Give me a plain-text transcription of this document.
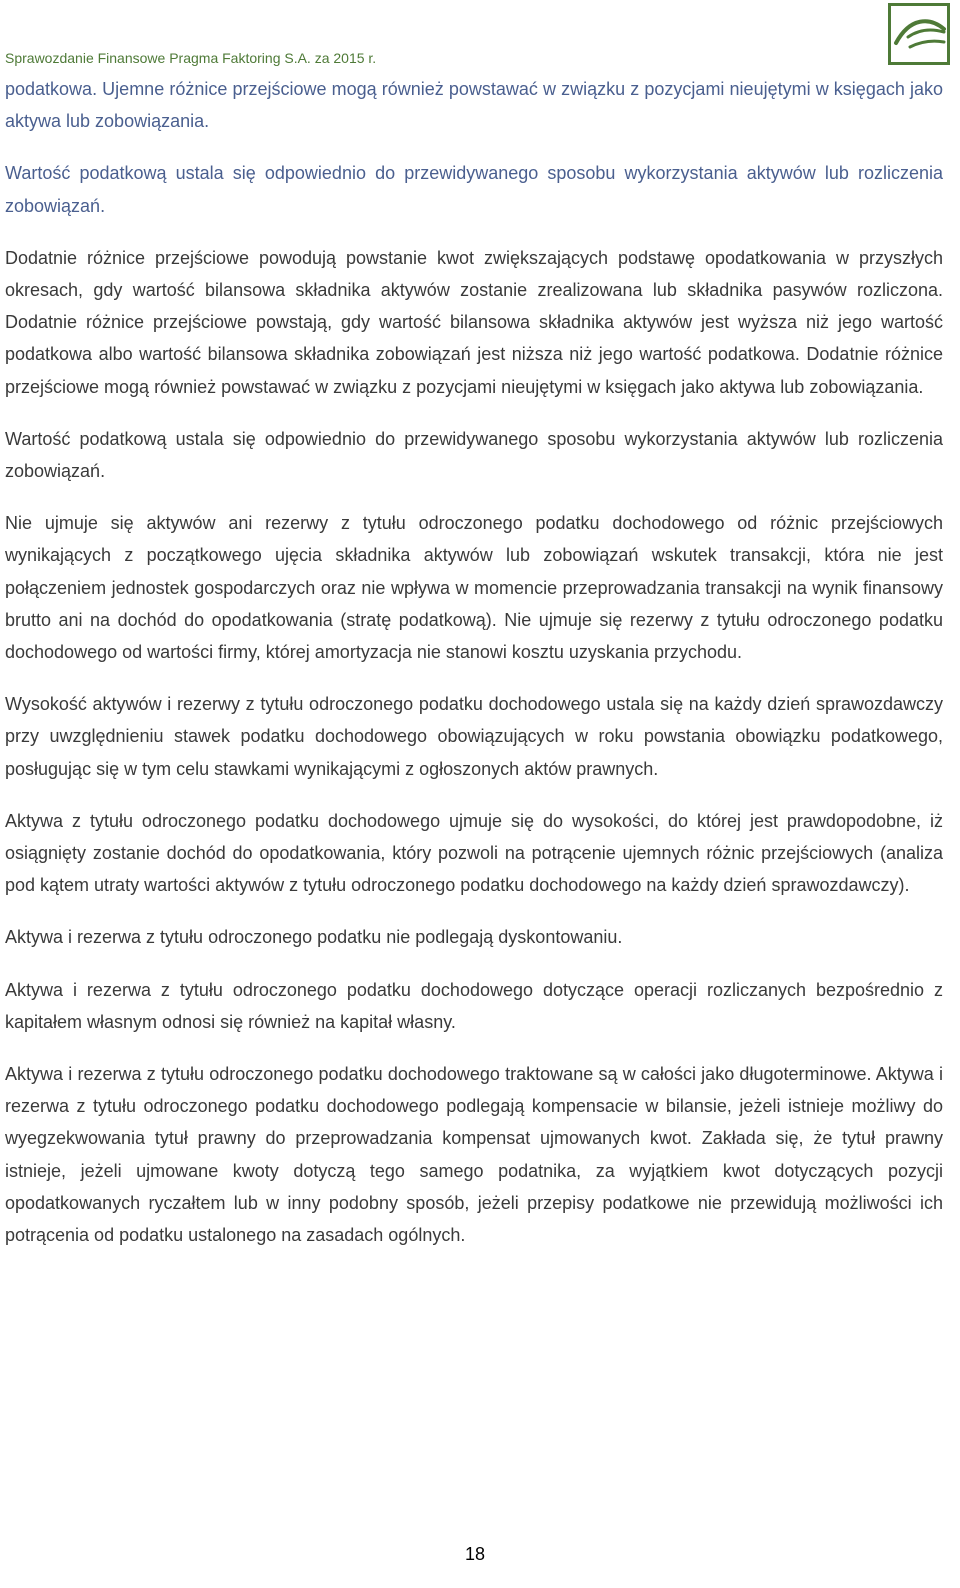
Sprawozdanie Finansowe Pragma Faktoring S.A. za 2015 r.

podatkowa. Ujemne różnice przejściowe mogą również powstawać w związku z pozycjami nieujętymi w księgach jako aktywa lub zobowiązania.

Wartość podatkową ustala się odpowiednio do przewidywanego sposobu wykorzystania aktywów lub rozliczenia zobowiązań.

Dodatnie różnice przejściowe powodują powstanie kwot zwiększających podstawę opodatkowania w przyszłych okresach, gdy wartość bilansowa składnika aktywów zostanie zrealizowana lub składnika pasywów rozliczona. Dodatnie różnice przejściowe powstają, gdy wartość bilansowa składnika aktywów jest wyższa niż jego wartość podatkowa albo wartość bilansowa składnika zobowiązań jest niższa niż jego wartość podatkowa. Dodatnie różnice przejściowe mogą również powstawać w związku z pozycjami nieujętymi w księgach jako aktywa lub zobowiązania.

Wartość podatkową ustala się odpowiednio do przewidywanego sposobu wykorzystania aktywów lub rozliczenia zobowiązań.

Nie ujmuje się aktywów ani rezerwy z tytułu odroczonego podatku dochodowego od różnic przejściowych wynikających z początkowego ujęcia składnika aktywów lub zobowiązań wskutek transakcji, która nie jest połączeniem jednostek gospodarczych oraz nie wpływa w momencie przeprowadzania transakcji na wynik finansowy brutto ani na dochód do opodatkowania (stratę podatkową). Nie ujmuje się rezerwy z tytułu odroczonego podatku dochodowego od wartości firmy, której amortyzacja nie stanowi kosztu uzyskania przychodu.

Wysokość aktywów i rezerwy z tytułu odroczonego podatku dochodowego ustala się na każdy dzień sprawozdawczy przy uwzględnieniu stawek podatku dochodowego obowiązujących w roku powstania obowiązku podatkowego, posługując się w tym celu stawkami wynikającymi z ogłoszonych aktów prawnych.

Aktywa z tytułu odroczonego podatku dochodowego ujmuje się do wysokości, do której jest prawdopodobne, iż osiągnięty zostanie dochód do opodatkowania, który pozwoli na potrącenie ujemnych różnic przejściowych (analiza pod kątem utraty wartości aktywów z tytułu odroczonego podatku dochodowego na każdy dzień sprawozdawczy).

Aktywa i rezerwa z tytułu odroczonego podatku nie podlegają dyskontowaniu.

Aktywa i rezerwa z tytułu odroczonego podatku dochodowego dotyczące operacji rozliczanych bezpośrednio z kapitałem własnym odnosi się również na kapitał własny.

Aktywa i rezerwa z tytułu odroczonego podatku dochodowego traktowane są w całości jako długoterminowe. Aktywa i rezerwa z tytułu odroczonego podatku dochodowego podlegają kompensacie w bilansie, jeżeli istnieje możliwy do wyegzekwowania tytuł prawny do przeprowadzania kompensat ujmowanych kwot. Zakłada się, że tytuł prawny istnieje, jeżeli ujmowane kwoty dotyczą tego samego podatnika, za wyjątkiem kwot dotyczących pozycji opodatkowanych ryczałtem lub w inny podobny sposób, jeżeli przepisy podatkowe nie przewidują możliwości ich potrącenia od podatku ustalonego na zasadach ogólnych.

18
